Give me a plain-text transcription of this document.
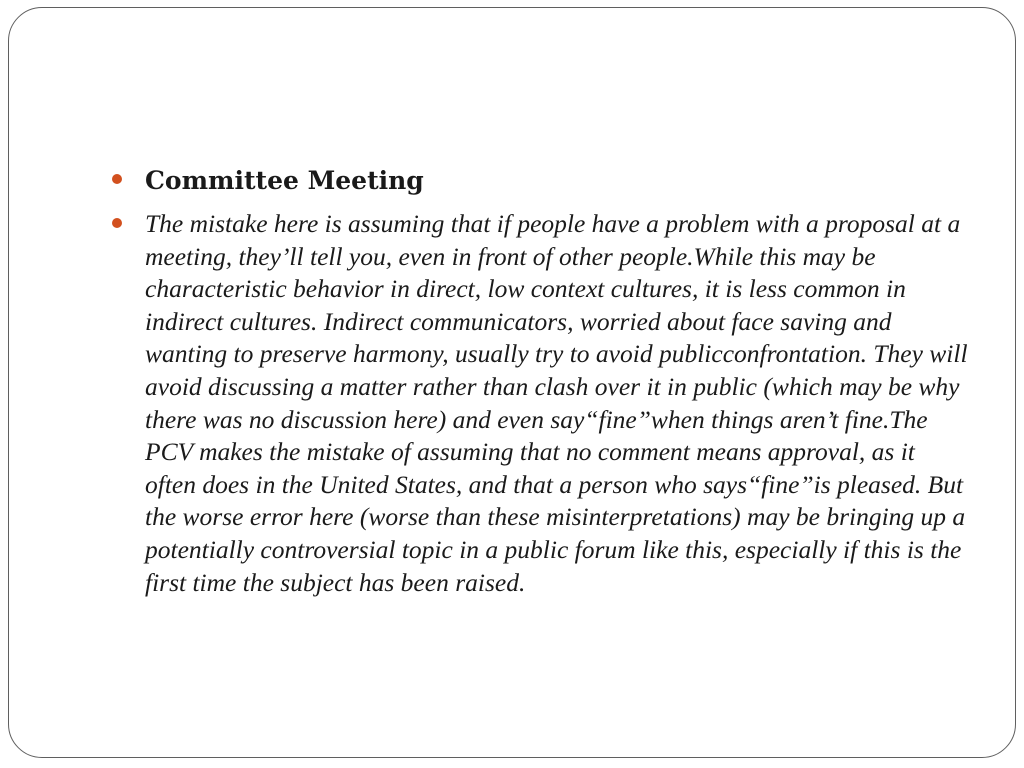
Committee Meeting
The mistake here is assuming that if people have a problem with a proposal at a meeting, they’ll tell you, even in front of other people.While this may be characteristic behavior in direct, low context cultures, it is less common in indirect cultures. Indirect communicators, worried about face saving and wanting to preserve harmony, usually try to avoid publicconfrontation. They will avoid discussing a matter rather than clash over it in public (which may be why there was no discussion here) and even say“fine”when things aren’t fine.The PCV makes the mistake of assuming that no comment means approval, as it often does in the United States, and that a person who says“fine”is pleased. But the worse error here (worse than these misinterpretations) may be bringing up a potentially controversial topic in a public forum like this, especially if this is the first time the subject has been raised.
